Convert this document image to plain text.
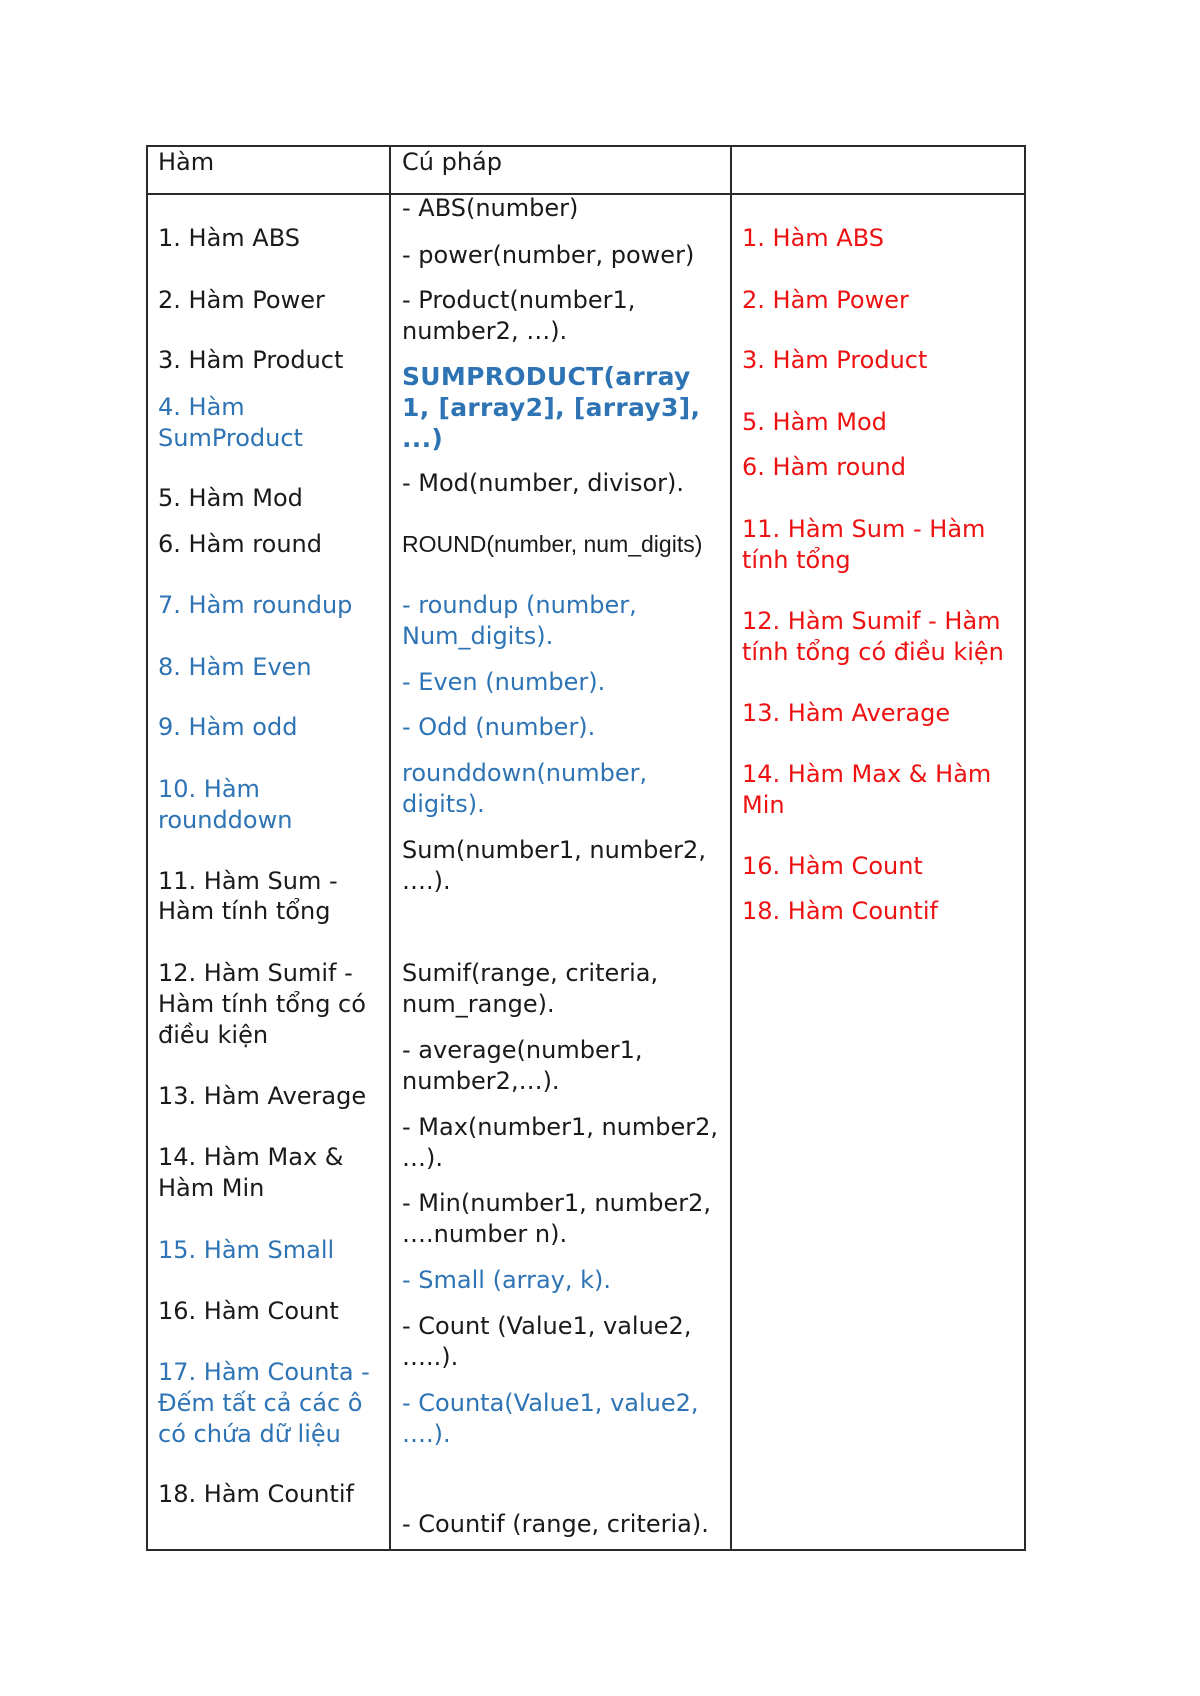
Hàm	Cú pháp
1. Hàm ABS
2. Hàm Power
3. Hàm Product
4. Hàm
SumProduct
5. Hàm Mod
6. Hàm round
7. Hàm roundup
8. Hàm Even
9. Hàm odd
10. Hàm
rounddown
11. Hàm Sum -
Hàm tính tổng
12. Hàm Sumif -
Hàm tính tổng có
điều kiện
13. Hàm Average
14. Hàm Max &
Hàm Min
15. Hàm Small
16. Hàm Count
17. Hàm Counta -
Đếm tất cả các ô
có chứa dữ liệu
18. Hàm Countif
- ABS(number)
- power(number, power)
- Product(number1,
number2, …).
SUMPRODUCT(array
1, [array2], [array3],
...)
- Mod(number, divisor).
ROUND(number, num_digits)
- roundup (number,
Num_digits).
- Even (number).
- Odd (number).
rounddown(number,
digits).
Sum(number1, number2,
….).
Sumif(range, criteria,
num_range).
- average(number1,
number2,…).
- Max(number1, number2,
…).
- Min(number1, number2,
….number n).
- Small (array, k).
- Count (Value1, value2,
…..).
- Counta(Value1, value2,
….).
- Countif (range, criteria).
1. Hàm ABS
2. Hàm Power
3. Hàm Product
5. Hàm Mod
6. Hàm round
11. Hàm Sum - Hàm
tính tổng
12. Hàm Sumif - Hàm
tính tổng có điều kiện
13. Hàm Average
14. Hàm Max & Hàm
Min
16. Hàm Count
18. Hàm Countif
